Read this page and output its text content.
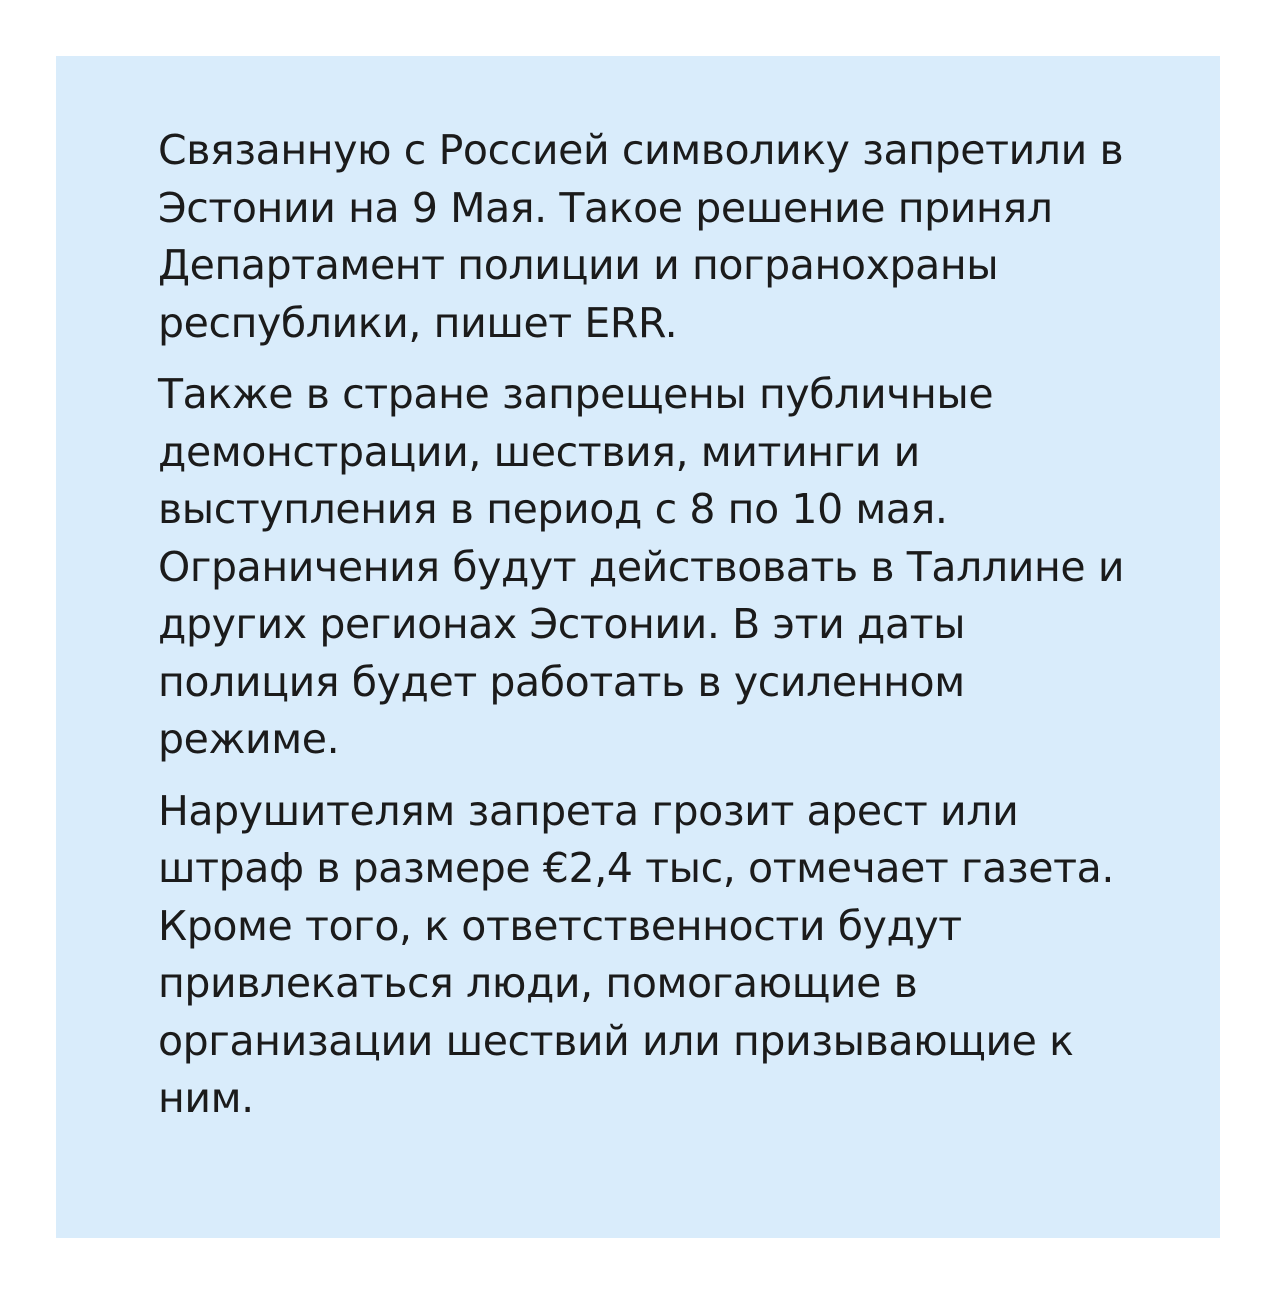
Связанную с Россией символику запретили в
Эстонии на 9 Мая. Такое решение принял
Департамент полиции и погранохраны
республики, пишет ERR.

Также в стране запрещены публичные
демонстрации, шествия, митинги и
выступления в период с 8 по 10 мая.
Ограничения будут действовать в Таллине и
других регионах Эстонии. В эти даты
полиция будет работать в усиленном
режиме.

Нарушителям запрета грозит арест или
штраф в размере €2,4 тыс, отмечает газета.
Кроме того, к ответственности будут
привлекаться люди, помогающие в
организации шествий или призывающие к
ним.
